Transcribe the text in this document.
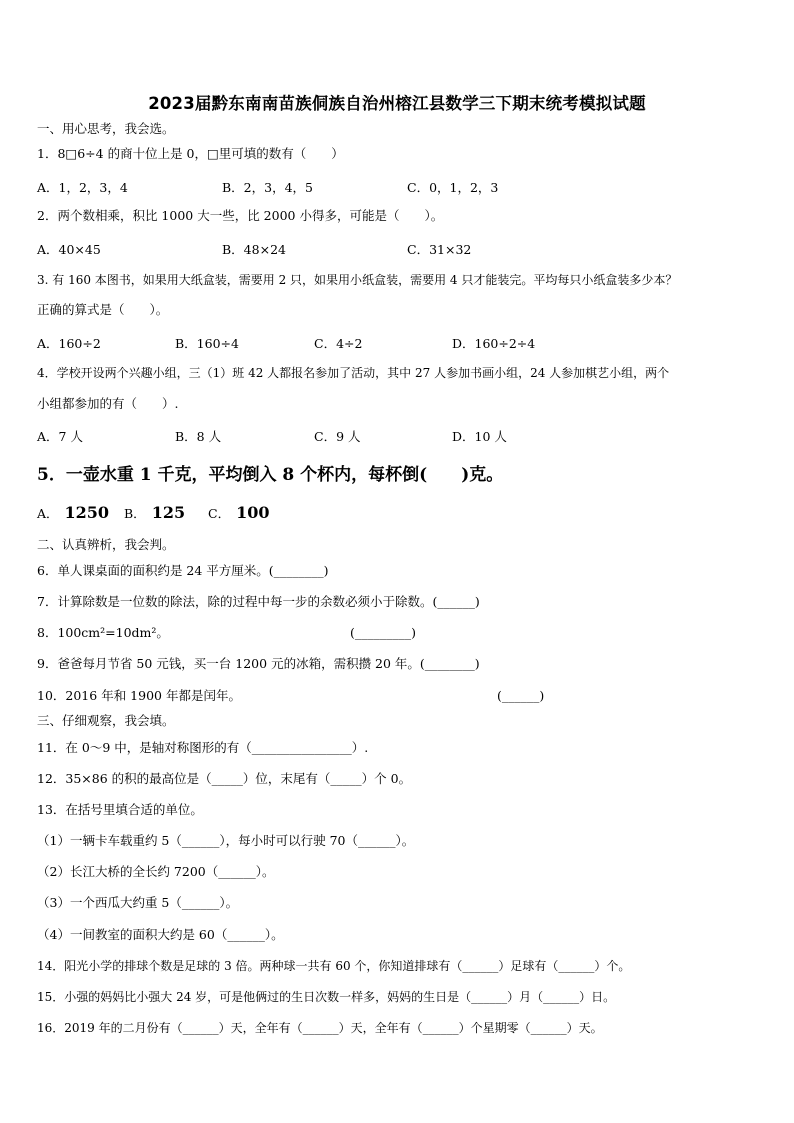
2023届黔东南南苗族侗族自治州榕江县数学三下期末统考模拟试题
一、用心思考，我会选。
1．8□6÷4 的商十位上是 0，□里可填的数有（　　）
A．1，2，3，4	B．2，3，4，5	C．0，1，2，3
2．两个数相乘，积比 1000 大一些，比 2000 小得多，可能是（　　）。
A．40×45	B．48×24	C．31×32
3. 有 160 本图书，如果用大纸盒装，需要用 2 只，如果用小纸盒装，需要用 4 只才能装完。平均每只小纸盒装多少本？
正确的算式是（　　）。
A．160÷2	B．160÷4	C．4÷2	D．160÷2÷4
4．学校开设两个兴趣小组，三（1）班 42 人都报名参加了活动，其中 27 人参加书画小组，24 人参加棋艺小组，两个
小组都参加的有（　　）.
A．7 人	B．8 人	C．9 人	D．10 人
5．一壶水重 1 千克，平均倒入 8 个杯内，每杯倒(　　)克。
A． 1250 B． 125 C． 100
二、认真辨析，我会判。
6．单人课桌面的面积约是 24 平方厘米。(________)
7．计算除数是一位数的除法，除的过程中每一步的余数必须小于除数。(______)
8．100cm²=10dm²。	(_________)
9．爸爸每月节省 50 元钱，买一台 1200 元的冰箱，需积攒 20 年。(________)
10．2016 年和 1900 年都是闰年。	(______)
三、仔细观察，我会填。
11．在 0～9 中，是轴对称图形的有（________________）.
12．35×86 的积的最高位是（_____）位，末尾有（_____）个 0。
13．在括号里填合适的单位。
（1）一辆卡车载重约 5（______），每小时可以行驶 70（______）。
（2）长江大桥的全长约 7200（______）。
（3）一个西瓜大约重 5（______）。
（4）一间教室的面积大约是 60（______）。
14．阳光小学的排球个数是足球的 3 倍。两种球一共有 60 个，你知道排球有（______）足球有（______）个。
15．小强的妈妈比小强大 24 岁，可是他俩过的生日次数一样多，妈妈的生日是（______）月（______）日。
16．2019 年的二月份有（______）天，全年有（______）天，全年有（______）个星期零（______）天。
